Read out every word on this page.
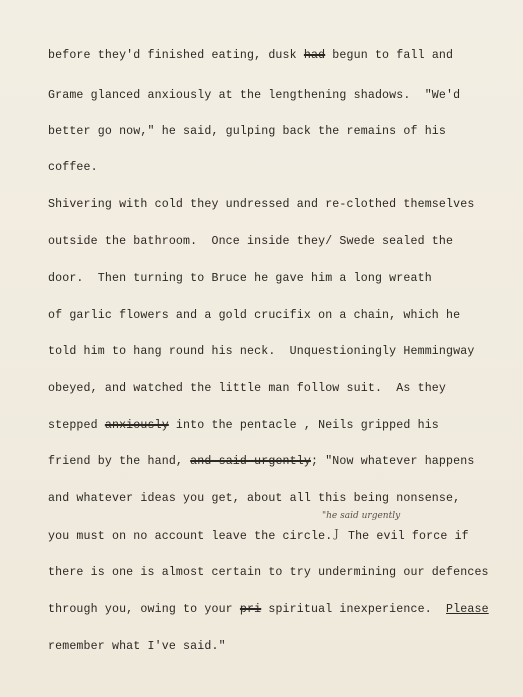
before they'd finished eating, dusk had begun to fall and
Grame glanced anxiously at the lengthening shadows.  "We'd
better go now," he said, gulping back the remains of his
coffee.
Shivering with cold they undressed and re-clothed themselves
outside the bathroom.  Once inside they/ Swede sealed the
door.  Then turning to Bruce he gave him a long wreath
of garlic flowers and a gold crucifix on a chain, which he
told him to hang round his neck.  Unquestioningly Hemmingway
obeyed, and watched the little man follow suit.  As they
stepped anxiously into the pentacle , Neils gripped his
friend by the hand, and said urgently; "Now whatever happens
and whatever ideas you get, about all this being nonsense,
"he said urgently
you must on no account leave the circle. J The evil force if
there is one is almost certain to try undermining our defences
through you, owing to your pri spiritual inexperience.  Please
remember what I've said."
